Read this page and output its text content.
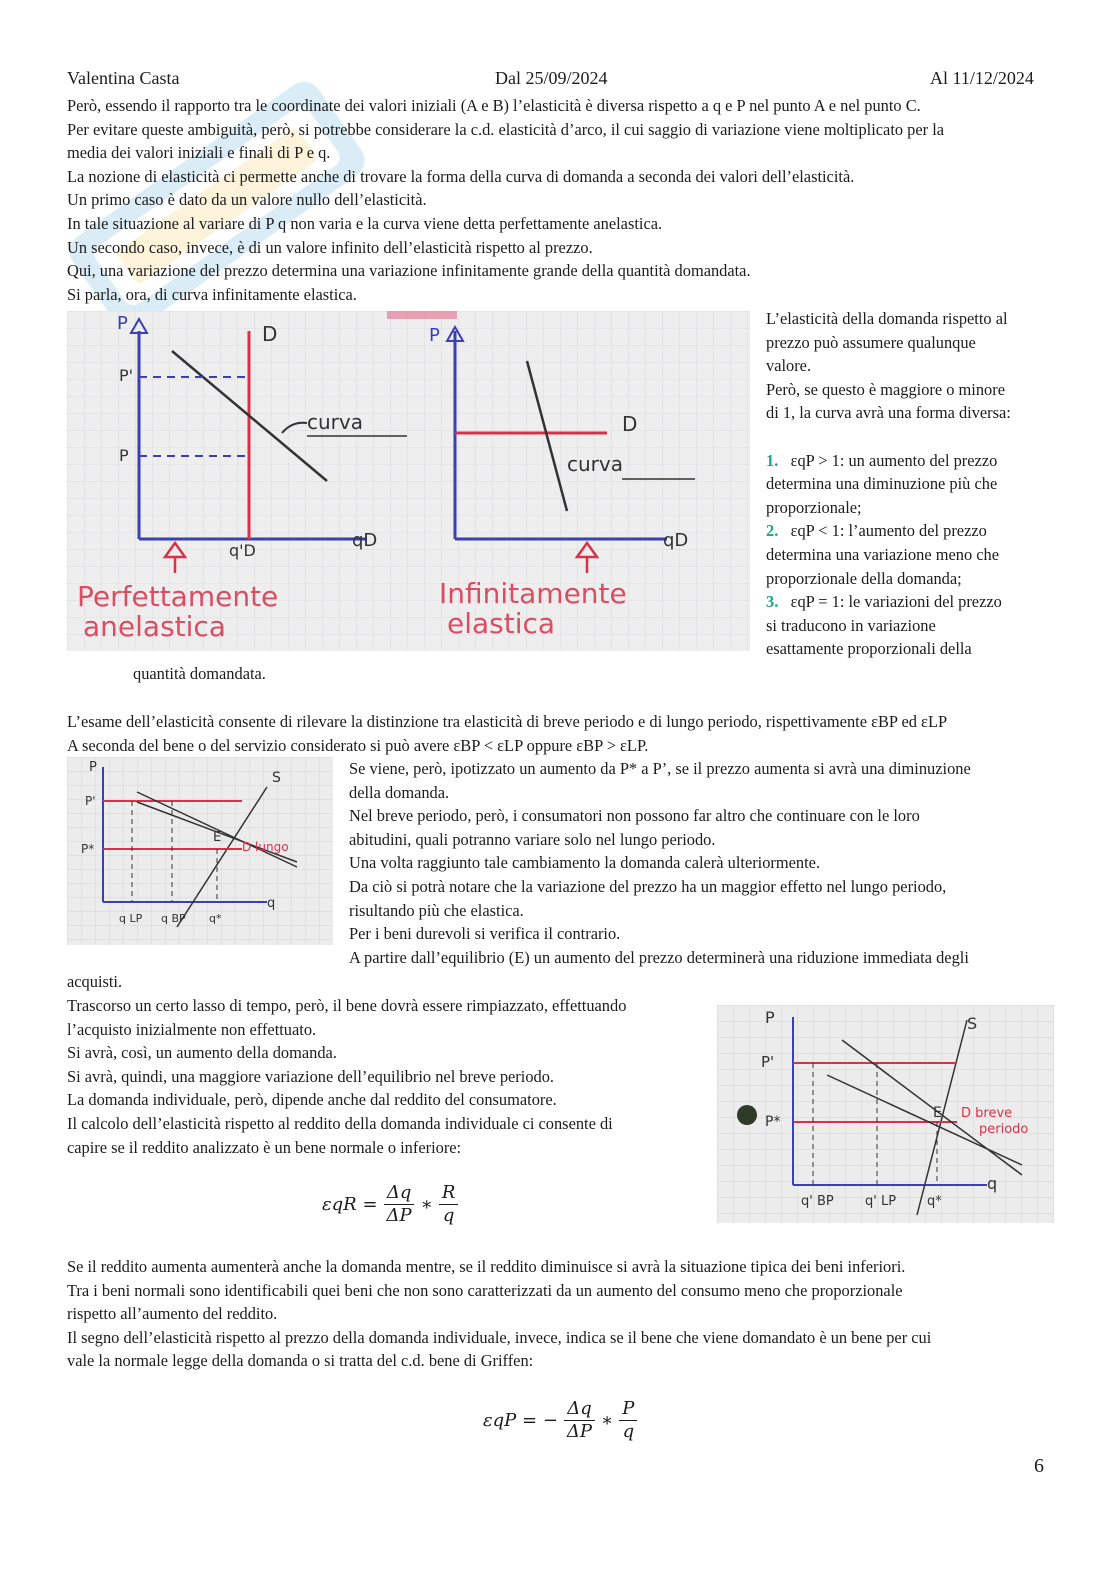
Valentina Casta	Dal 25/09/2024	Al 11/12/2024

Però, essendo il rapporto tra le coordinate dei valori iniziali (A e B) l’elasticità è diversa rispetto a q e P nel punto A e nel punto C.

Per evitare queste ambiguità, però, si potrebbe considerare la c.d. elasticità d’arco, il cui saggio di variazione viene moltiplicato per la

media dei valori iniziali e finali di P e q.

La nozione di elasticità ci permette anche di trovare la forma della curva di domanda a seconda dei valori dell’elasticità.

Un primo caso è dato da un valore nullo dell’elasticità.

In tale situazione al variare di P q non varia e la curva viene detta perfettamente anelastica.

Un secondo caso, invece, è di un valore infinito dell’elasticità rispetto al prezzo.

Qui, una variazione del prezzo determina una variazione infinitamente grande della quantità domandata.

Si parla, ora, di curva infinitamente elastica.

P	D
P'
P
curva
qD
q'D
Perfettamente
anelastica
P
D
curva
qD
Infinitamente
elastica

L’elasticità della domanda rispetto al

prezzo può assumere qualunque

valore.

Però, se questo è maggiore o minore

di 1, la curva avrà una forma diversa:

1. εqP > 1: un aumento del prezzo

determina una diminuzione più che

proporzionale;

2. εqP < 1: l’aumento del prezzo

determina una variazione meno che

proporzionale della domanda;

3. εqP = 1: le variazioni del prezzo

si traducono in variazione

esattamente proporzionali della

quantità domandata.

L’esame dell’elasticità consente di rilevare la distinzione tra elasticità di breve periodo e di lungo periodo, rispettivamente εBP ed εLP

A seconda del bene o del servizio considerato si può avere εBP < εLP oppure εBP > εLP.

P
S
P'
P*
E
D lungo
q
q LP q BP q*

Se viene, però, ipotizzato un aumento da P* a P’, se il prezzo aumenta si avrà una diminuzione

della domanda.

Nel breve periodo, però, i consumatori non possono far altro che continuare con le loro

abitudini, quali potranno variare solo nel lungo periodo.

Una volta raggiunto tale cambiamento la domanda calerà ulteriormente.

Da ciò si potrà notare che la variazione del prezzo ha un maggior effetto nel lungo periodo,

risultando più che elastica.

Per i beni durevoli si verifica il contrario.

A partire dall’equilibrio (E) un aumento del prezzo determinerà una riduzione immediata degli

acquisti.

Trascorso un certo lasso di tempo, però, il bene dovrà essere rimpiazzato, effettuando

l’acquisto inizialmente non effettuato.

Si avrà, così, un aumento della domanda.

Si avrà, quindi, una maggiore variazione dell’equilibrio nel breve periodo.

La domanda individuale, però, dipende anche dal reddito del consumatore.

Il calcolo dell’elasticità rispetto al reddito della domanda individuale ci consente di

capire se il reddito analizzato è un bene normale o inferiore:

P	S
P'
P*
E D breve
periodo
q
q' BP q' LP q*
$\varepsilon qR = \frac{\Delta q}{\Delta P}$ ∗ $\frac{R}{q}$

Se il reddito aumenta aumenterà anche la domanda mentre, se il reddito diminuisce si avrà la situazione tipica dei beni inferiori.

Tra i beni normali sono identificabili quei beni che non sono caratterizzati da un aumento del consumo meno che proporzionale

rispetto all’aumento del reddito.

Il segno dell’elasticità rispetto al prezzo della domanda individuale, invece, indica se il bene che viene domandato è un bene per cui

vale la normale legge della domanda o si tratta del c.d. bene di Griffen:

εqP = − $\frac{\Delta q}{\Delta P}$ ∗ $\frac{P}{q}$
6
